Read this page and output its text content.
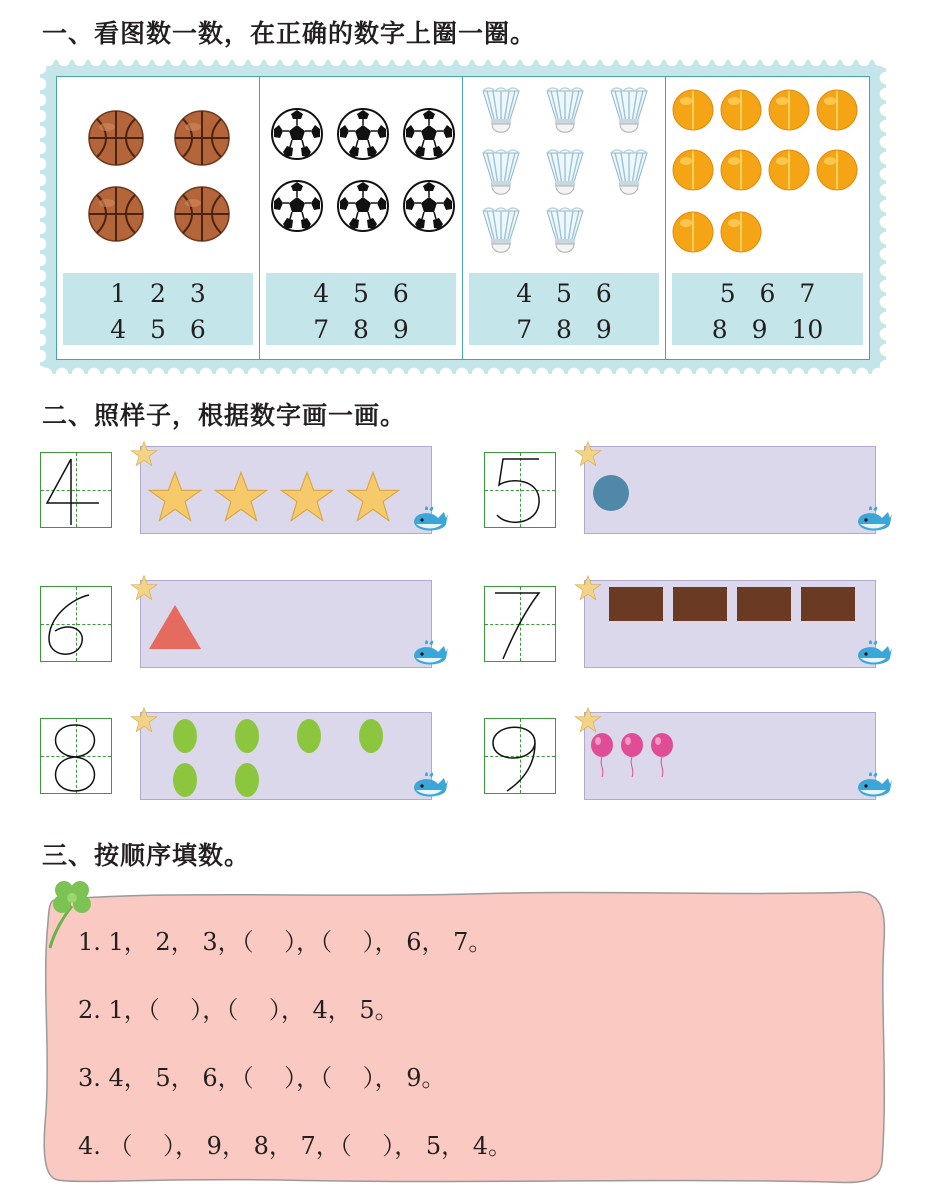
一、看图数一数，在正确的数字上圈一圈。
1 2 3
4 5 6
4 5 6
7 8 9
4 5 6
7 8 9
5 6 7
8 9 10
二、照样子，根据数字画一画。
三、按顺序填数。
1. 1， 2， 3，（    ），（    ）， 6， 7。
2. 1，（    ），（    ）， 4， 5。
3. 4， 5， 6，（    ），（    ）， 9。
4. （    ）， 9， 8， 7，（    ）， 5， 4。
